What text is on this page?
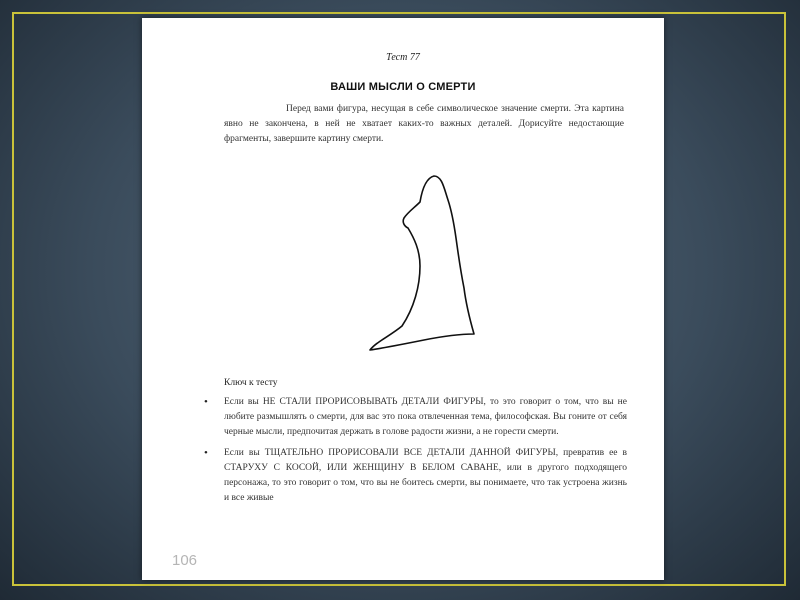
Тест 77
ВАШИ МЫСЛИ О СМЕРТИ

Перед вами фигура, несущая в себе символическое значение смерти. Эта картина явно не закончена, в ней не хватает каких-то важных деталей. Дорисуйте недостающие фрагменты, завершите картину смерти.

Ключ к тесту
• Если вы НЕ СТАЛИ ПРОРИСОВЫВАТЬ ДЕТАЛИ ФИГУРЫ, то это говорит о том, что вы не любите размышлять о смерти, для вас это пока отвлеченная тема, философская. Вы гоните от себя черные мысли, предпочитая держать в голове радости жизни, а не горести смерти.
• Если вы ТЩАТЕЛЬНО ПРОРИСОВАЛИ ВСЕ ДЕТАЛИ ДАННОЙ ФИГУРЫ, превратив ее в СТАРУХУ С КОСОЙ, ИЛИ ЖЕНЩИНУ В БЕЛОМ САВАНЕ, или в другого подходящего персонажа, то это говорит о том, что вы не боитесь смерти, вы понимаете, что так устроена жизнь и все живые
106
